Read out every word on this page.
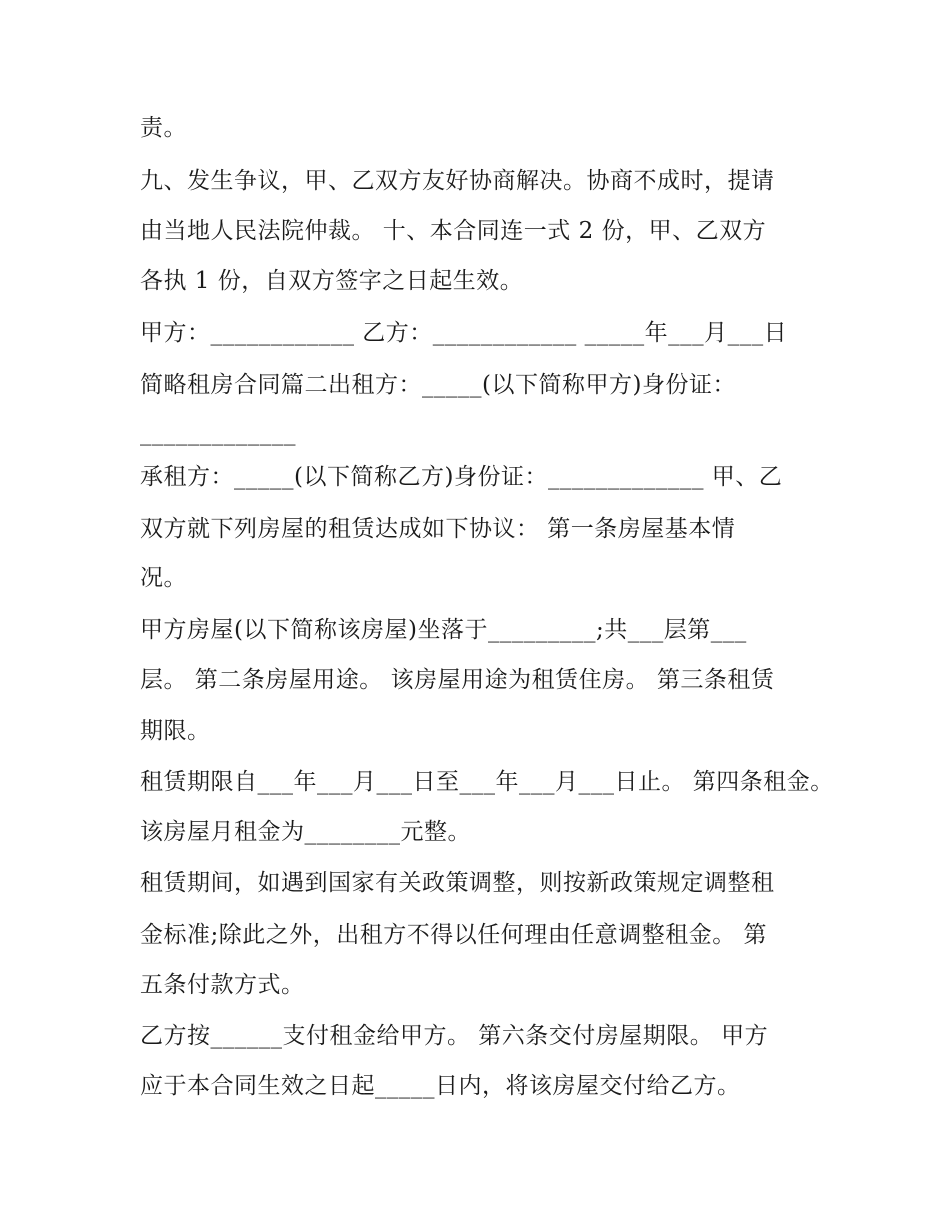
责。
九、发生争议，甲、乙双方友好协商解决。协商不成时，提请
由当地人民法院仲裁。 十、本合同连一式 2 份，甲、乙双方
各执 1 份，自双方签字之日起生效。
甲方：____________ 乙方：____________ _____年___月___日
简略租房合同篇二出租方：_____(以下简称甲方)身份证：
_____________
承租方：_____(以下简称乙方)身份证：_____________ 甲、乙
双方就下列房屋的租赁达成如下协议： 第一条房屋基本情
况。
甲方房屋(以下简称该房屋)坐落于_________;共___层第___
层。 第二条房屋用途。 该房屋用途为租赁住房。 第三条租赁
期限。
租赁期限自___年___月___日至___年___月___日止。 第四条租金。
该房屋月租金为________元整。
租赁期间，如遇到国家有关政策调整，则按新政策规定调整租
金标准;除此之外，出租方不得以任何理由任意调整租金。 第
五条付款方式。
乙方按______支付租金给甲方。 第六条交付房屋期限。 甲方
应于本合同生效之日起_____日内，将该房屋交付给乙方。
